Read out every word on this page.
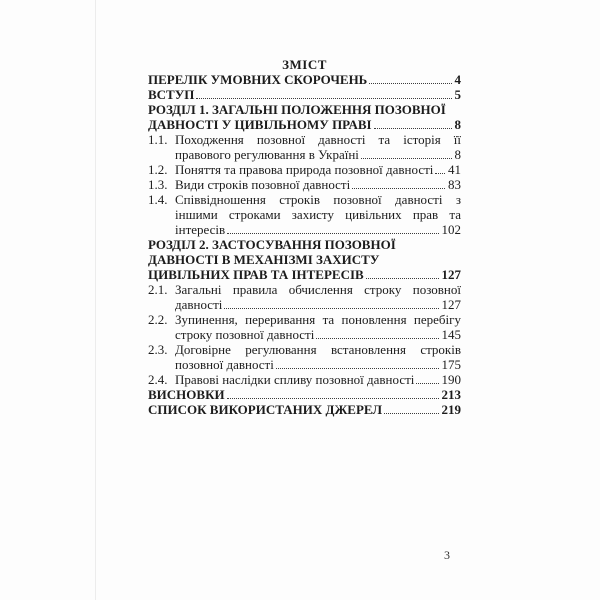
ЗМІСТ
ПЕРЕЛІК УМОВНИХ СКОРОЧЕНЬ	4
ВСТУП	5
РОЗДІЛ 1. ЗАГАЛЬНІ ПОЛОЖЕННЯ ПОЗОВНОЇ
ДАВНОСТІ У ЦИВІЛЬНОМУ ПРАВІ	8
1.1. Походження позовної давності та історія її
правового регулювання в Україні	8
1.2. Поняття та правова природа позовної давності 41
1.3. Види строків позовної давності	83
1.4. Співвідношення строків позовної давності з
іншими строками захисту цивільних прав та
інтересів	102
РОЗДІЛ 2. ЗАСТОСУВАННЯ ПОЗОВНОЇ
ДАВНОСТІ В МЕХАНІЗМІ ЗАХИСТУ
ЦИВІЛЬНИХ ПРАВ ТА ІНТЕРЕСІВ	127
2.1. Загальні правила обчислення строку позовної
давності	127
2.2. Зупинення, переривання та поновлення перебігу
строку позовної давності	145
2.3. Договірне регулювання встановлення строків
позовної давності	175
2.4. Правові наслідки спливу позовної давності 190
ВИСНОВКИ	213
СПИСОК ВИКОРИСТАНИХ ДЖЕРЕЛ	219
3
